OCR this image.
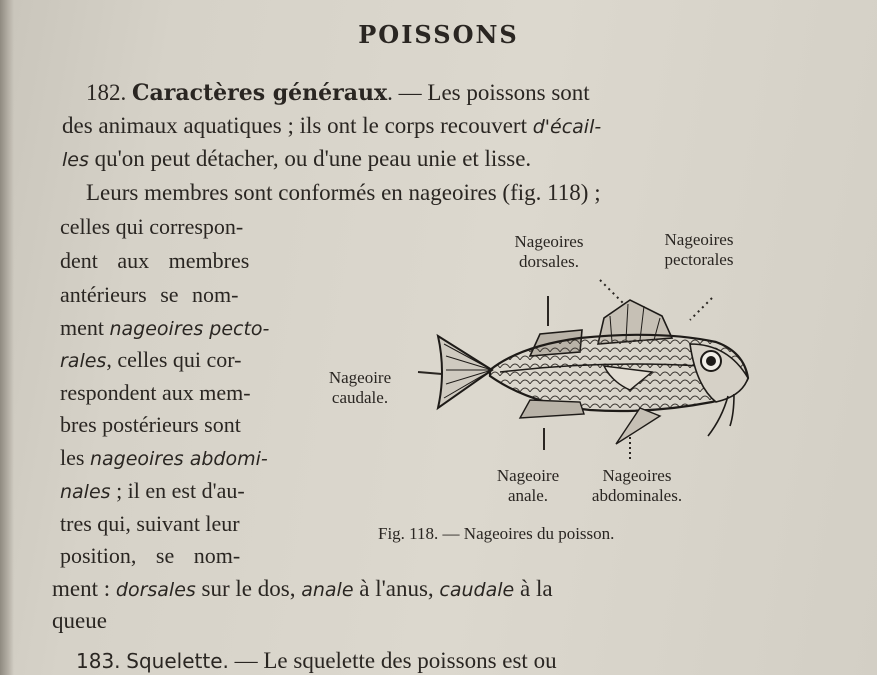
POISSONS
182. Caractères généraux. — Les poissons sont
des animaux aquatiques ; ils ont le corps recouvert d'écail-
les qu'on peut détacher, ou d'une peau unie et lisse.
Leurs membres sont conformés en nageoires (fig. 118) ;
celles qui correspon-
dent aux membres
antérieurs se nom-
ment nageoires pecto-
rales, celles qui cor-
respondent aux mem-
bres postérieurs sont
les nageoires abdomi-
nales ; il en est d'au-
tres qui, suivant leur
position, se nom-
ment : dorsales sur le dos, anale à l'anus, caudale à la
queue
183. Squelette. — Le squelette des poissons est ou
Nageoires
dorsales.
Nageoires
pectorales
Nageoire
caudale.
Nageoire
anale.
Nageoires
abdominales.
Fig. 118. — Nageoires du poisson.
